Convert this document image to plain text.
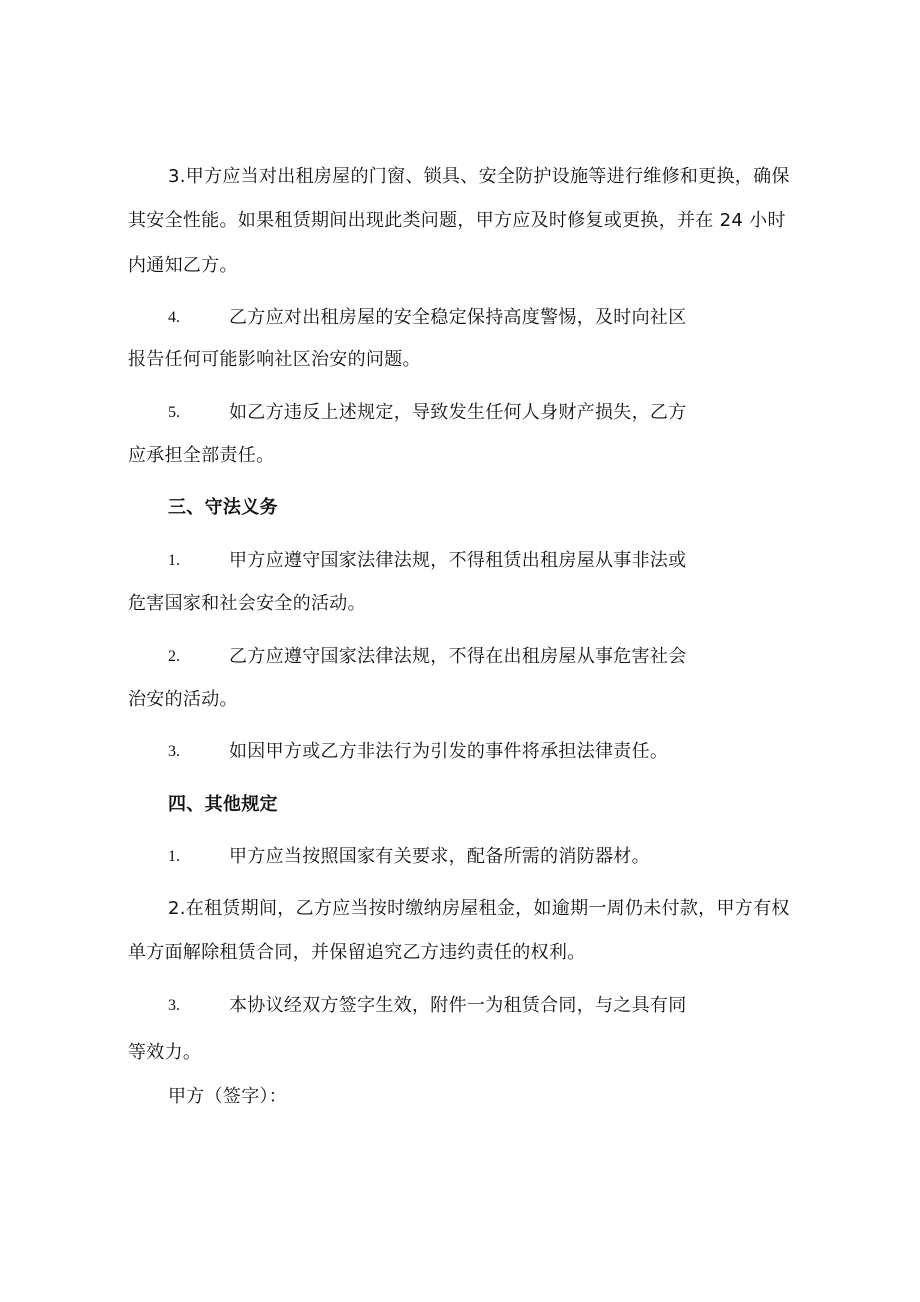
3.甲方应当对出租房屋的门窗、锁具、安全防护设施等进行维修和更换，确保
其安全性能。如果租赁期间出现此类问题，甲方应及时修复或更换，并在 24 小时
内通知乙方。
4.	乙方应对出租房屋的安全稳定保持高度警惕，及时向社区
报告任何可能影响社区治安的问题。
5.	如乙方违反上述规定，导致发生任何人身财产损失，乙方
应承担全部责任。
三、守法义务
1.	甲方应遵守国家法律法规，不得租赁出租房屋从事非法或
危害国家和社会安全的活动。
2.	乙方应遵守国家法律法规，不得在出租房屋从事危害社会
治安的活动。
3.	如因甲方或乙方非法行为引发的事件将承担法律责任。
四、其他规定
1.	甲方应当按照国家有关要求，配备所需的消防器材。
2.在租赁期间，乙方应当按时缴纳房屋租金，如逾期一周仍未付款，甲方有权
单方面解除租赁合同，并保留追究乙方违约责任的权利。
3.	本协议经双方签字生效，附件一为租赁合同，与之具有同
等效力。
甲方（签字）：
